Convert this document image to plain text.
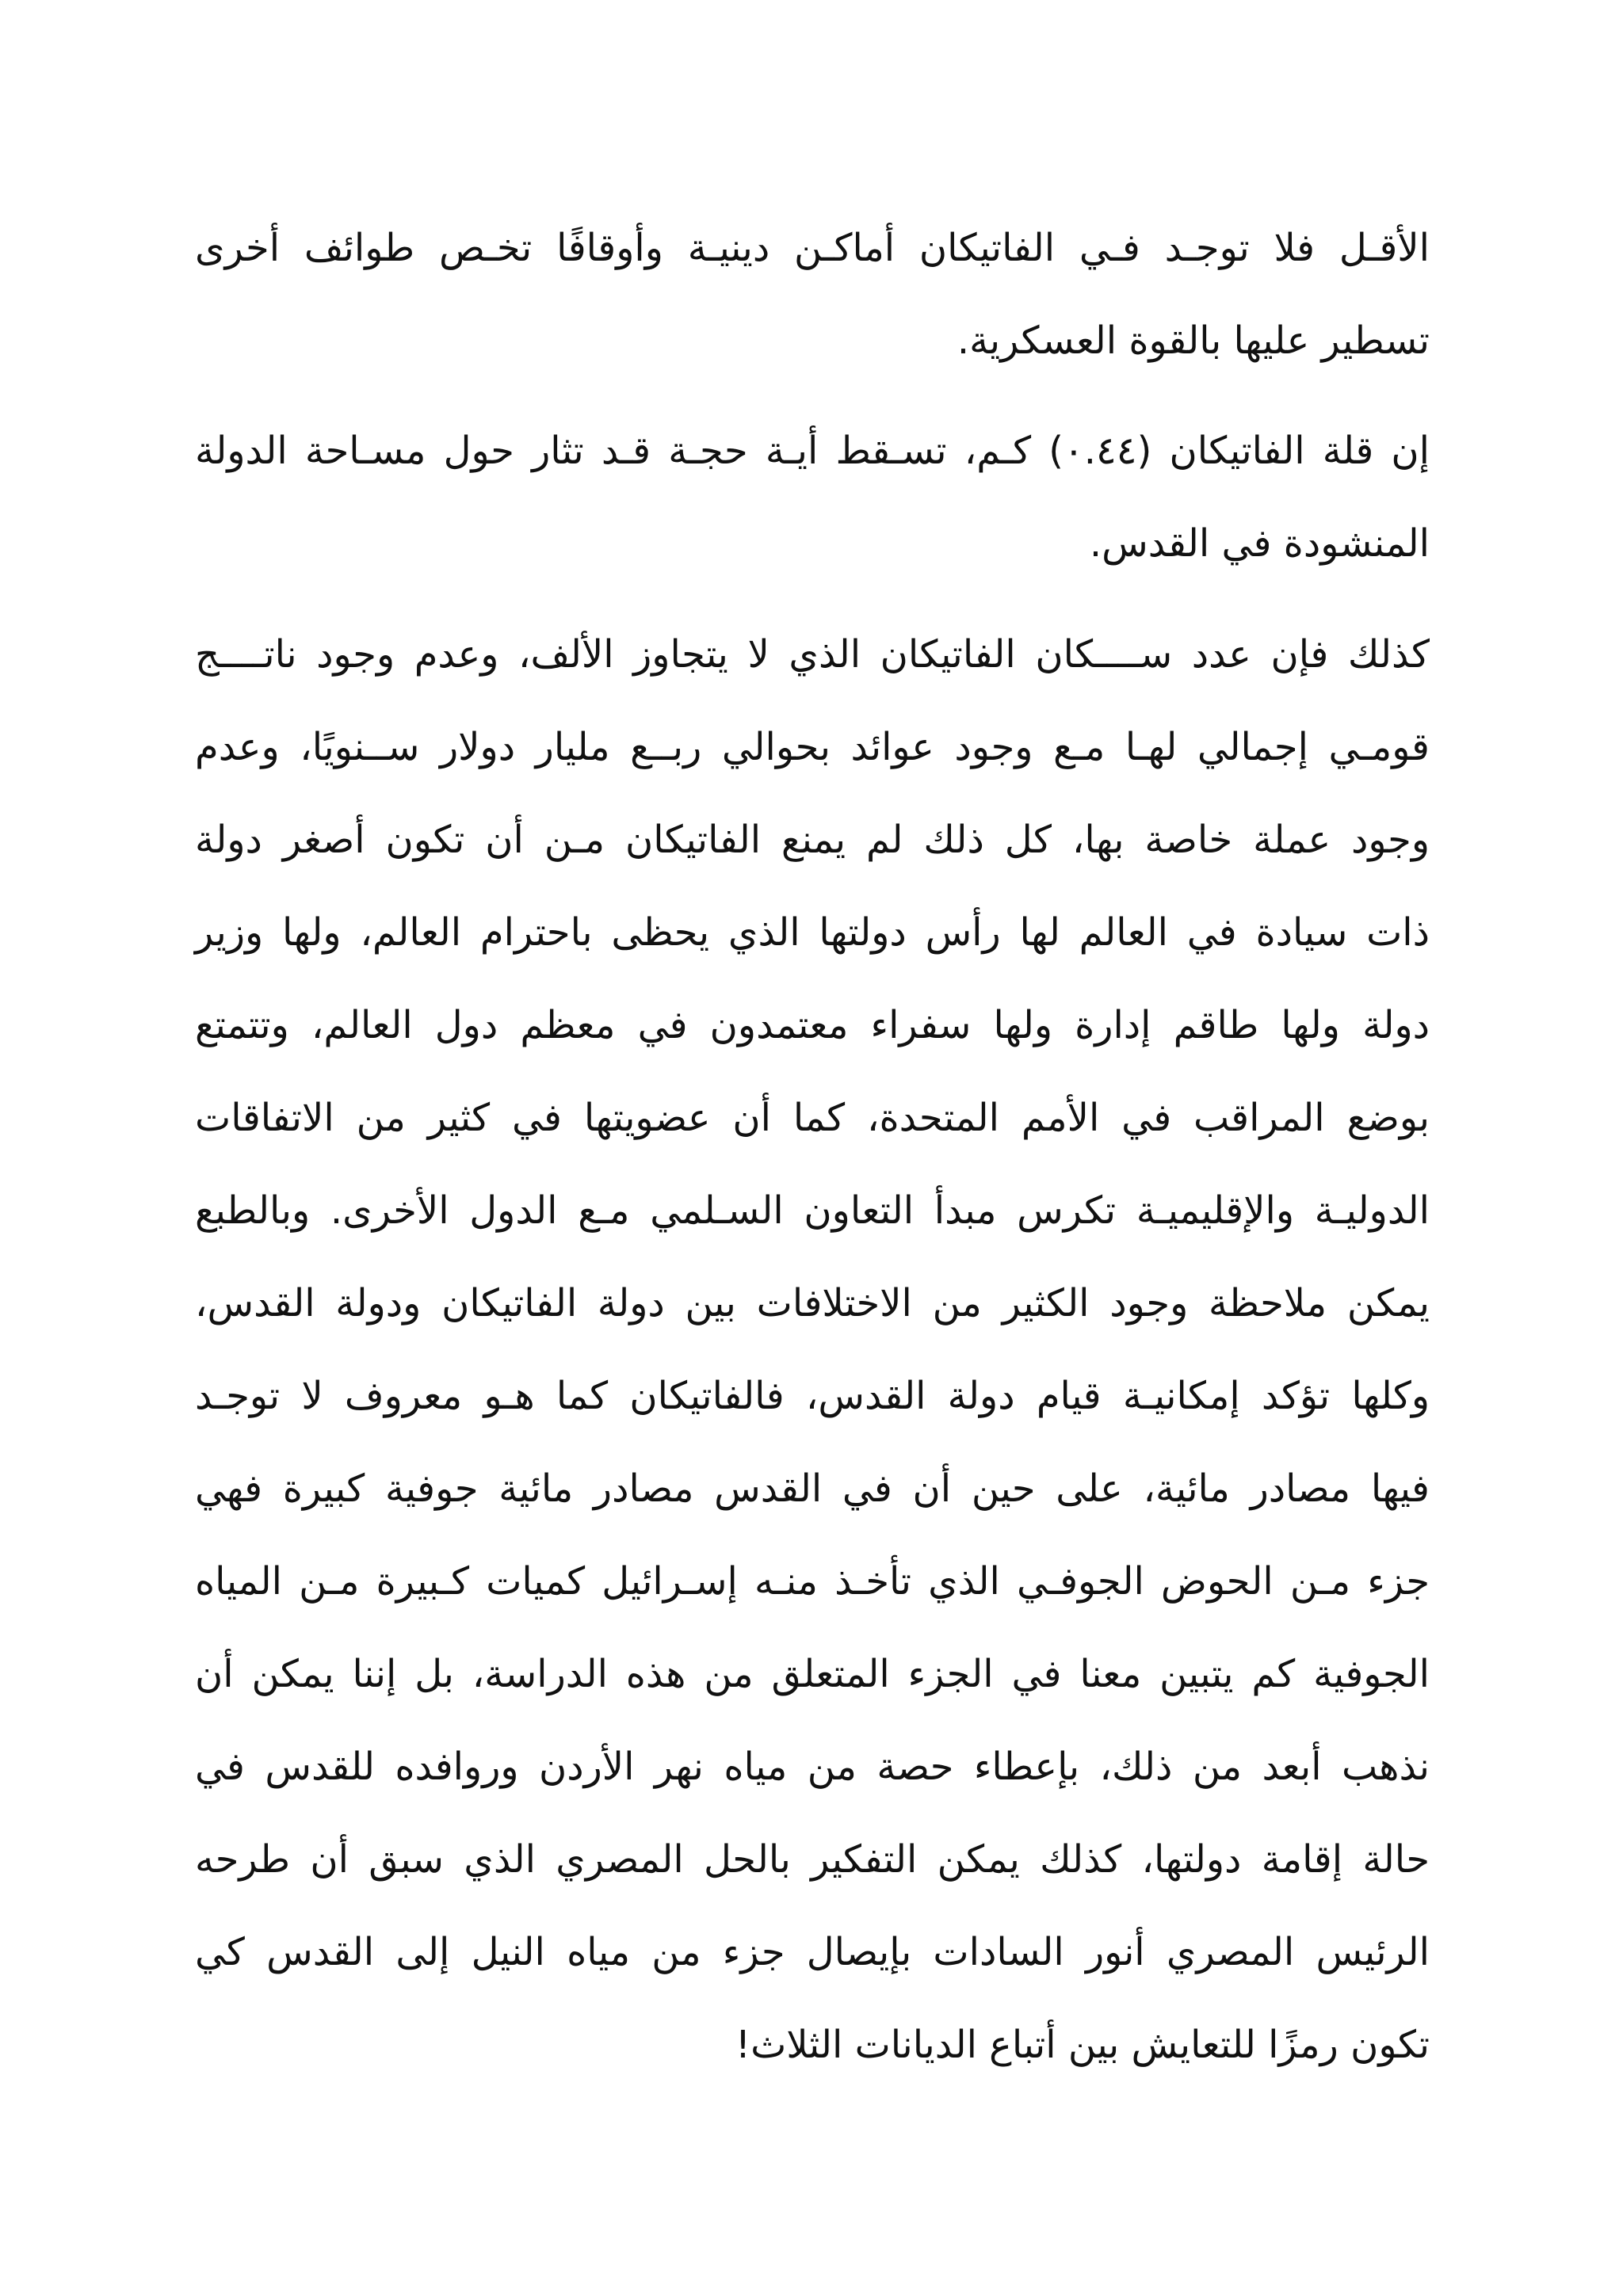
الأقـل فلا توجـد فـي الفاتيكان أماكـن دينيـة وأوقافًا تخـص طوائف أخرى
تسطير عليها بالقوة العسكرية.
إن قلة الفاتيكان (٠.٤٤) كـم، تسـقط أيـة حجـة قـد تثار حول مسـاحة الدولة
المنشودة في القدس.
كذلك فإن عدد ســــكان الفاتيكان الذي لا يتجاوز الألف، وعدم وجود ناتــــج
قومـي إجمالي لهـا مـع وجود عوائد بحوالي ربــع مليار دولار ســنويًا، وعدم
وجود عملة خاصة بها، كل ذلك لم يمنع الفاتيكان مـن أن تكون أصغر دولة
ذات سيادة في العالم لها رأس دولتها الذي يحظى باحترام العالم، ولها وزير
دولة ولها طاقم إدارة ولها سفراء معتمدون في معظم دول العالم، وتتمتع
بوضع المراقب في الأمم المتحدة، كما أن عضويتها في كثير من الاتفاقات
الدوليـة والإقليميـة تكرس مبدأ التعاون السـلمي مـع الدول الأخرى. وبالطبع
يمكن ملاحظة وجود الكثير من الاختلافات بين دولة الفاتيكان ودولة القدس،
وكلها تؤكد إمكانيـة قيام دولة القدس، فالفاتيكان كما هـو معروف لا توجـد
فيها مصادر مائية، على حين أن في القدس مصادر مائية جوفية كبيرة فهي
جزء مـن الحوض الجوفـي الذي تأخـذ منـه إسـرائيل كميات كـبيرة مـن المياه
الجوفية كم يتبين معنا في الجزء المتعلق من هذه الدراسة، بل إننا يمكن أن
نذهب أبعد من ذلك، بإعطاء حصة من مياه نهر الأردن وروافده للقدس في
حالة إقامة دولتها، كذلك يمكن التفكير بالحل المصري الذي سبق أن طرحه
الرئيس المصري أنور السادات بإيصال جزء من مياه النيل إلى القدس كي
تكون رمزًا للتعايش بين أتباع الديانات الثلاث!
